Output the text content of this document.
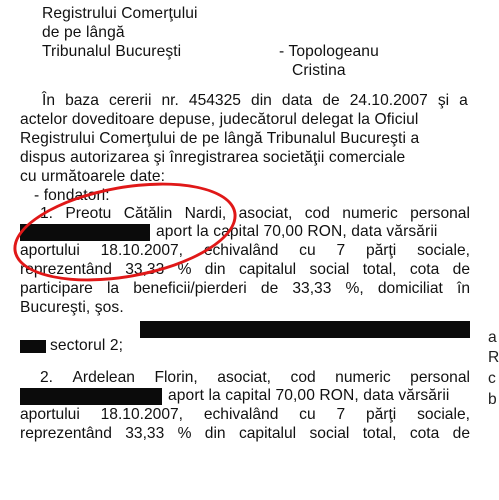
Registrului Comerţului
de pe lângă
Tribunalul Bucureşti	- Topologeanu
Cristina
În baza cererii nr. 454325 din data de 24.10.2007 şi a
actelor doveditoare depuse, judecătorul delegat la Oficiul
Registrului Comerţului de pe lângă Tribunalul Bucureşti a
dispus autorizarea şi înregistrarea societăţii comerciale
cu următoarele date:
- fondatori:
1. Preotu Cătălin Nardi, asociat, cod numeric personal
aport la capital 70,00 RON, data vărsării
aportului 18.10.2007, echivalând cu 7 părţi sociale,
reprezentând 33,33 % din capitalul social total, cota de
participare la beneficii/pierderi de 33,33 %, domiciliat în
Bucureşti, şos.
sectorul 2;
2. Ardelean Florin, asociat, cod numeric personal
aport la capital 70,00 RON, data vărsării
aportului 18.10.2007, echivalând cu 7 părţi sociale,
reprezentând 33,33 % din capitalul social total, cota de
a
R
c
b
